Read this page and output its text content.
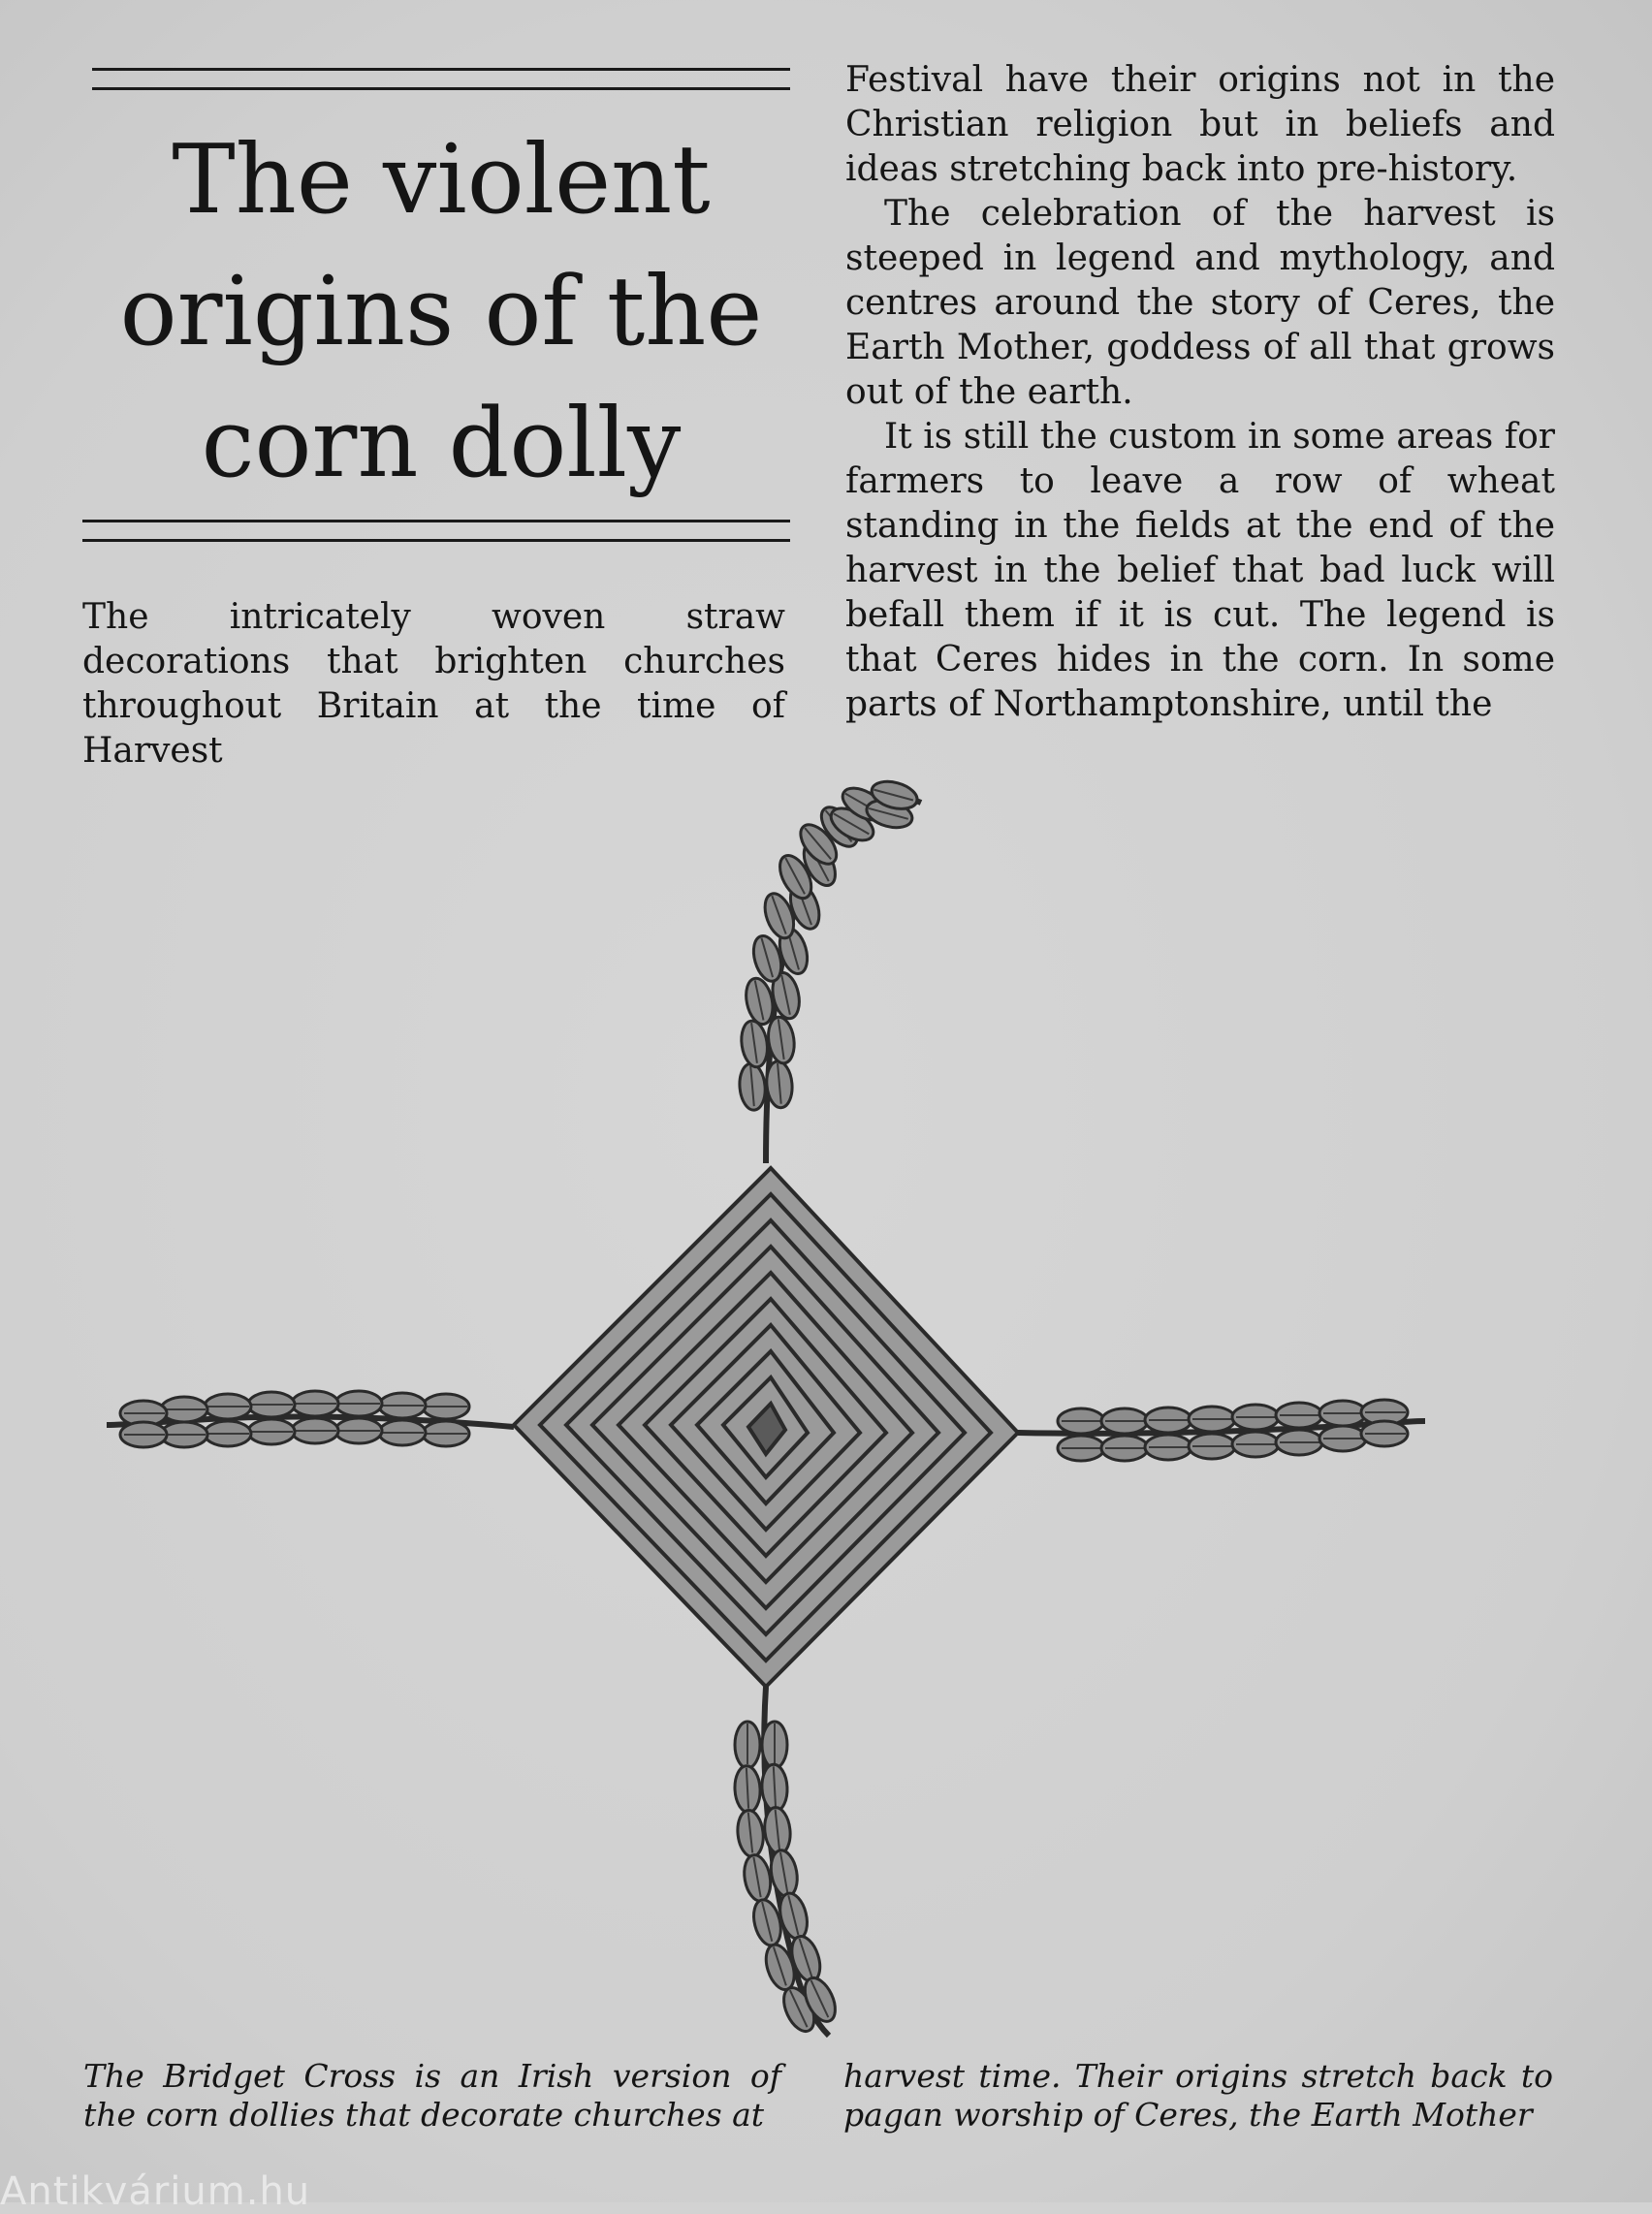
The violent
origins of the
corn dolly

The intricately woven straw decorations that brighten churches throughout Britain at the time of Harvest

Festival have their origins not in the Christian religion but in beliefs and ideas stretching back into pre-history.

The celebration of the harvest is steeped in legend and mythology, and centres around the story of Ceres, the Earth Mother, goddess of all that grows out of the earth.

It is still the custom in some areas for farmers to leave a row of wheat standing in the fields at the end of the harvest in the belief that bad luck will befall them if it is cut. The legend is that Ceres hides in the corn. In some parts of Northamptonshire, until the

The Bridget Cross is an Irish version of the corn dollies that decorate churches at

harvest time. Their origins stretch back to pagan worship of Ceres, the Earth Mother

Antikvárium.hu
